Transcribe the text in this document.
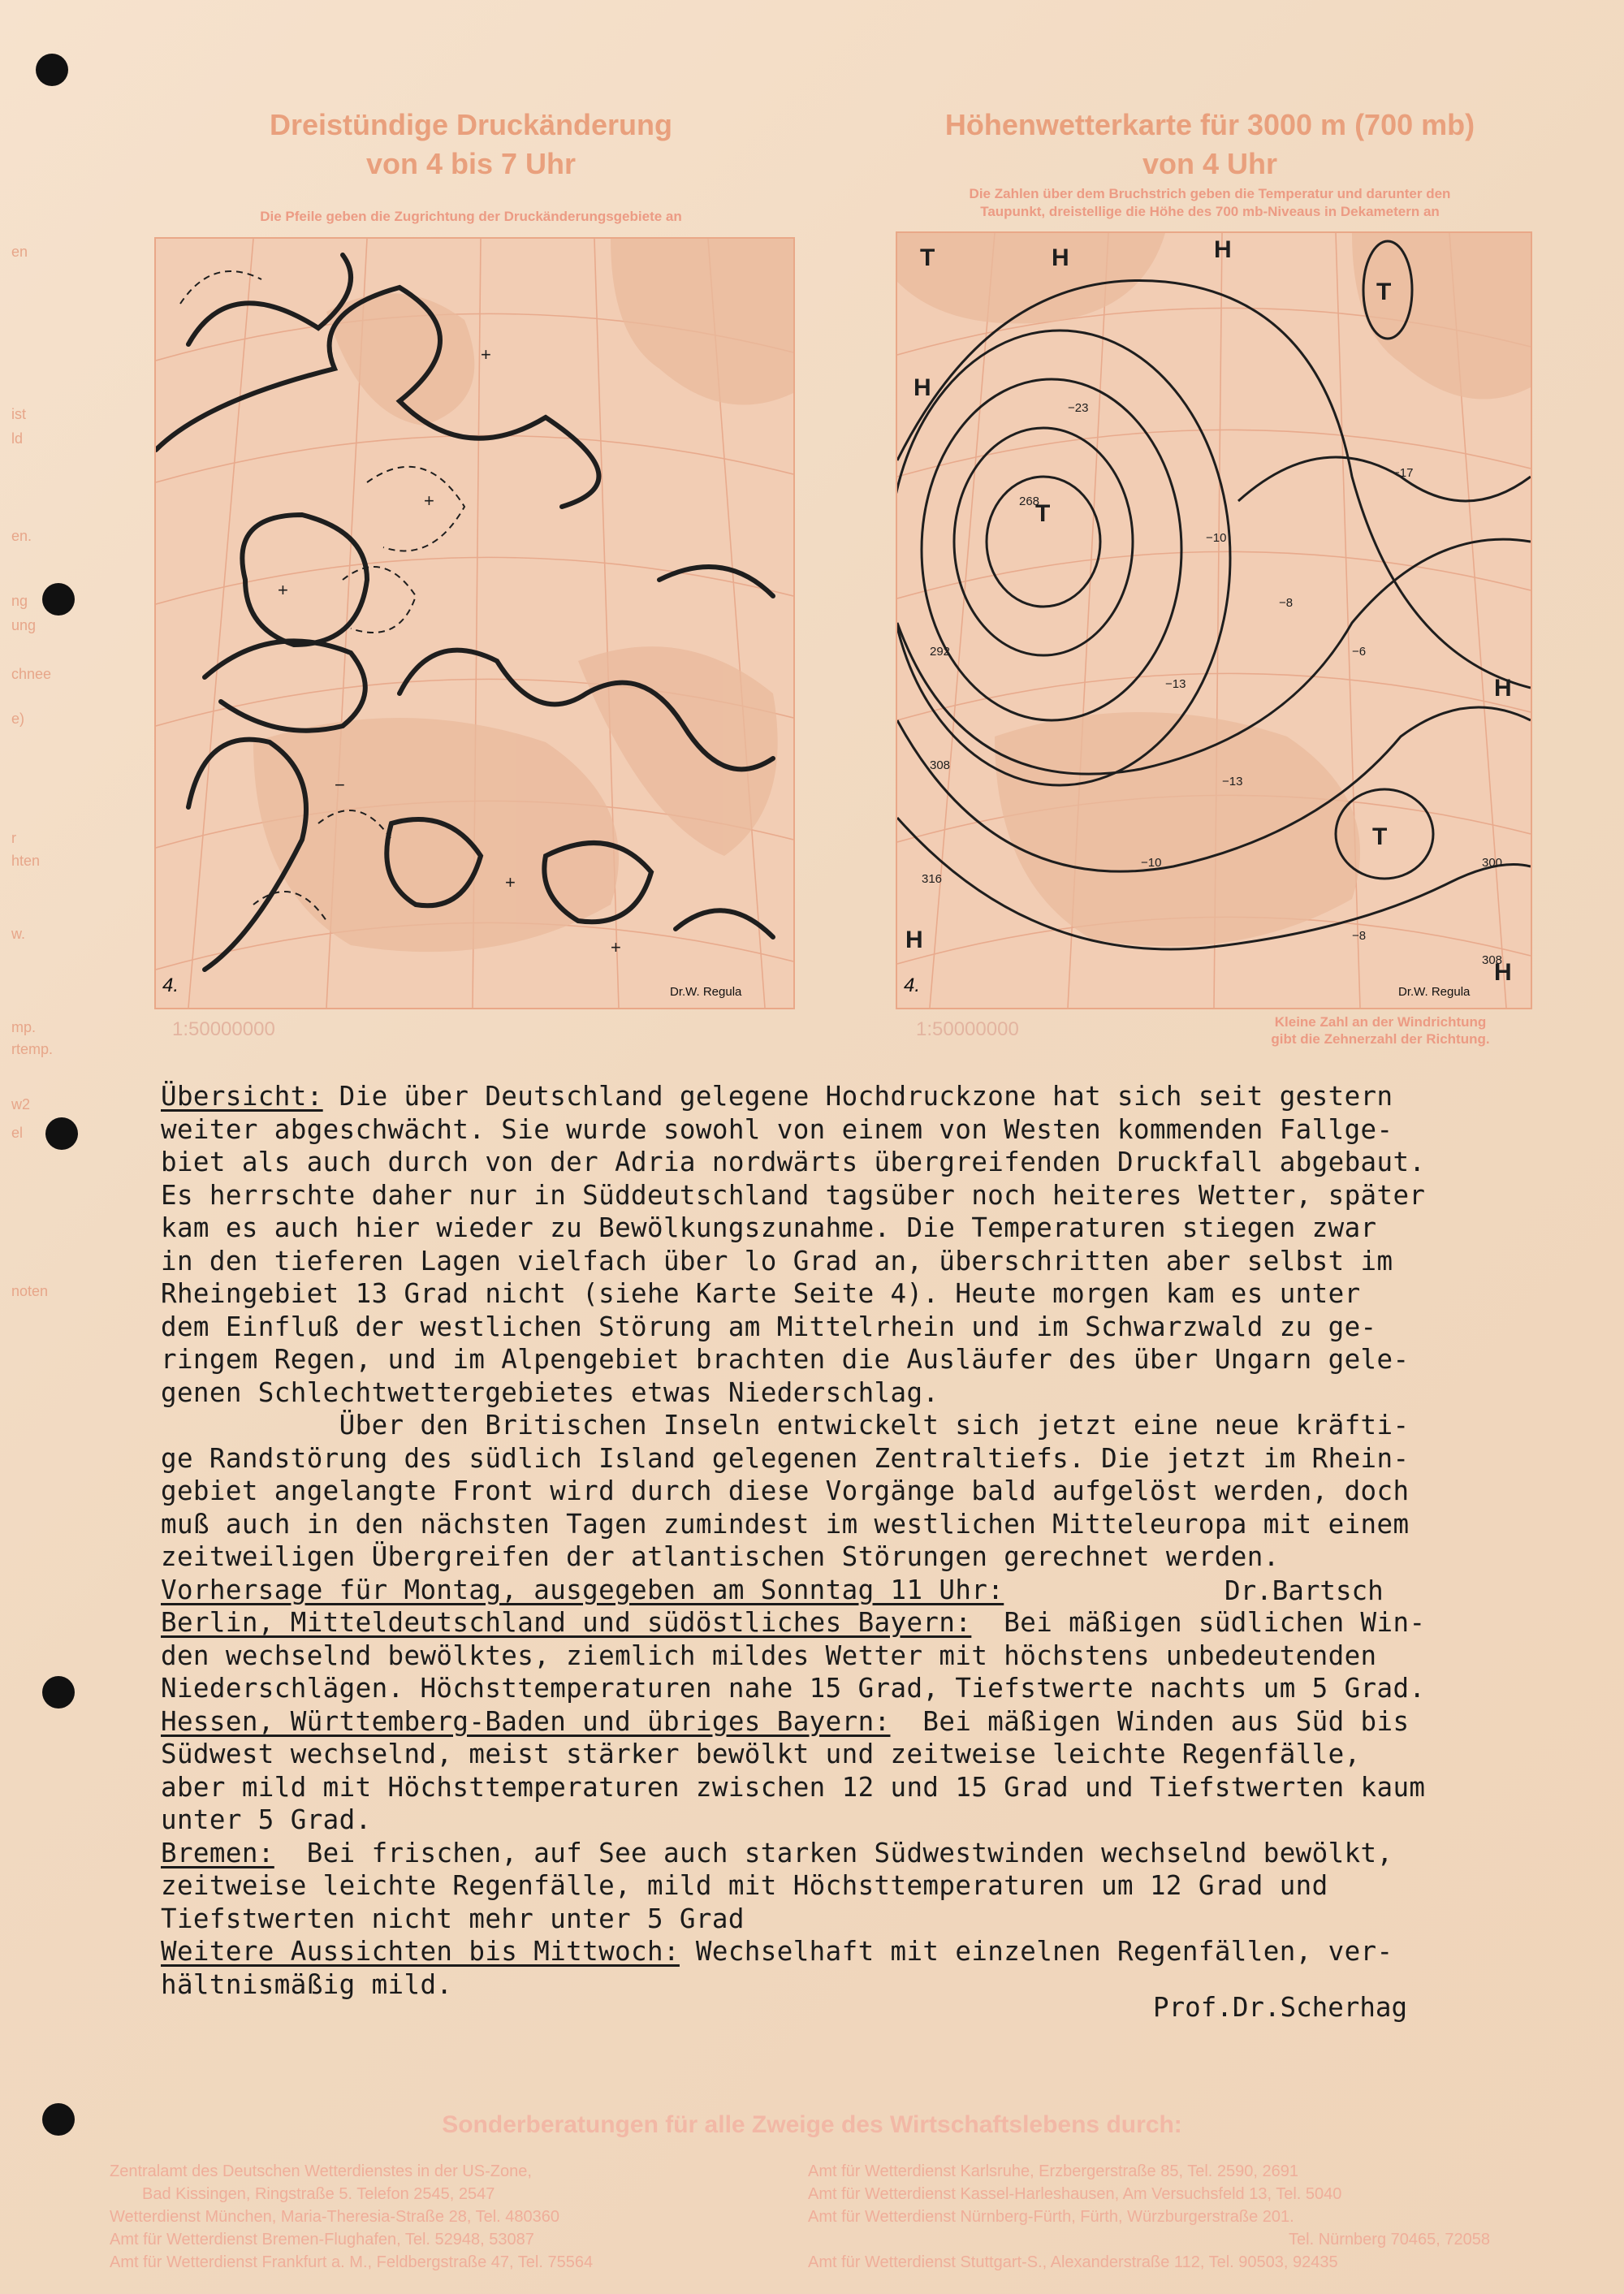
en
ist
ld
en.
ng
ung
chnee
e)
r
hten
w.
mp.
rtemp.
w2
el
noten
Dreistündige Druckänderung
von 4 bis 7 Uhr
Die Pfeile geben die Zugrichtung der Druckänderungsgebiete an
+
+
+
−
+
+
4.	Dr.W. Regula
1:50000000
Höhenwetterkarte für 3000 m (700 mb)
von 4 Uhr
Die Zahlen über dem Bruchstrich geben die Temperatur und darunter den
Taupunkt, dreistellige die Höhe des 700 mb-Niveaus in Dekametern an
T	H	H
H
T
T
T
H
H
H
268
−23
−10
−8
−6
−13
−13
−10
−8
292
308
316
300
308
−17
4.	Dr.W. Regula
1:50000000	Kleine Zahl an der Windrichtung
gibt die Zehnerzahl der Richtung.
Übersicht: Die über Deutschland gelegene Hochdruckzone hat sich seit gestern
weiter abgeschwächt. Sie wurde sowohl von einem von Westen kommenden Fallge-
biet als auch durch von der Adria nordwärts übergreifenden Druckfall abgebaut.
Es herrschte daher nur in Süddeutschland tagsüber noch heiteres Wetter, später
kam es auch hier wieder zu Bewölkungszunahme. Die Temperaturen stiegen zwar
in den tieferen Lagen vielfach über lo Grad an, überschritten aber selbst im
Rheingebiet 13 Grad nicht (siehe Karte Seite 4). Heute morgen kam es unter
dem Einfluß der westlichen Störung am Mittelrhein und im Schwarzwald zu ge-
ringem Regen, und im Alpengebiet brachten die Ausläufer des über Ungarn gele-
genen Schlechtwettergebietes etwas Niederschlag.
Über den Britischen Inseln entwickelt sich jetzt eine neue kräfti-
ge Randstörung des südlich Island gelegenen Zentraltiefs. Die jetzt im Rhein-
gebiet angelangte Front wird durch diese Vorgänge bald aufgelöst werden, doch
muß auch in den nächsten Tagen zumindest im westlichen Mitteleuropa mit einem
zeitweiligen Übergreifen der atlantischen Störungen gerechnet werden.
Vorhersage für Montag, ausgegeben am Sonntag 11 Uhr:
Berlin, Mitteldeutschland und südöstliches Bayern:  Bei mäßigen südlichen Win-
den wechselnd bewölktes, ziemlich mildes Wetter mit höchstens unbedeutenden
Niederschlägen. Höchsttemperaturen nahe 15 Grad, Tiefstwerte nachts um 5 Grad.
Hessen, Württemberg-Baden und übriges Bayern:  Bei mäßigen Winden aus Süd bis
Südwest wechselnd, meist stärker bewölkt und zeitweise leichte Regenfälle,
aber mild mit Höchsttemperaturen zwischen 12 und 15 Grad und Tiefstwerten kaum
unter 5 Grad.
Bremen:  Bei frischen, auf See auch starken Südwestwinden wechselnd bewölkt,
zeitweise leichte Regenfälle, mild mit Höchsttemperaturen um 12 Grad und
Tiefstwerten nicht mehr unter 5 Grad
Weitere Aussichten bis Mittwoch: Wechselhaft mit einzelnen Regenfällen, ver-
hältnismäßig mild.
Dr.Bartsch
Prof.Dr.Scherhag
Sonderberatungen für alle Zweige des Wirtschaftslebens durch:
Zentralamt des Deutschen Wetterdienstes in der US-Zone,
Bad Kissingen, Ringstraße 5. Telefon 2545, 2547
Wetterdienst München, Maria-Theresia-Straße 28, Tel. 480360
Amt für Wetterdienst Bremen-Flughafen, Tel. 52948, 53087
Amt für Wetterdienst Frankfurt a. M., Feldbergstraße 47, Tel. 75564
Amt für Wetterdienst Karlsruhe, Erzbergerstraße 85, Tel. 2590, 2691
Amt für Wetterdienst Kassel-Harleshausen, Am Versuchsfeld 13, Tel. 5040
Amt für Wetterdienst Nürnberg-Fürth, Fürth, Würzburgerstraße 201.
Tel. Nürnberg 70465, 72058
Amt für Wetterdienst Stuttgart-S., Alexanderstraße 112, Tel. 90503, 92435
